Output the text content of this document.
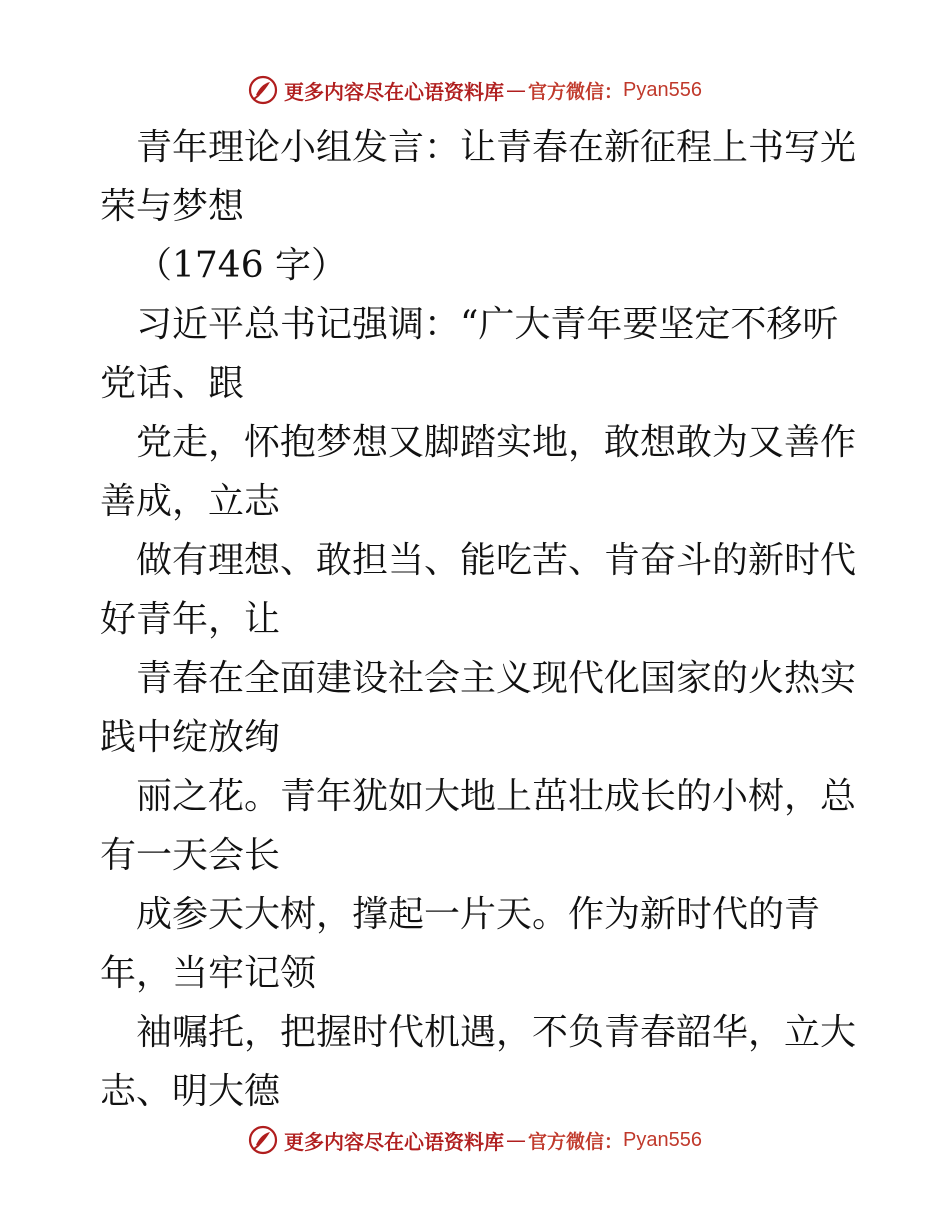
更多内容尽在心语资料库 — 官方微信： Pyan556

青年理论小组发言：让青春在新征程上书写光荣与梦想

（1746 字）

习近平总书记强调：“广大青年要坚定不移听党话、跟

党走，怀抱梦想又脚踏实地，敢想敢为又善作善成，立志

做有理想、敢担当、能吃苦、肯奋斗的新时代好青年，让

青春在全面建设社会主义现代化国家的火热实践中绽放绚

丽之花。青年犹如大地上茁壮成长的小树，总有一天会长

成参天大树，撑起一片天。作为新时代的青年，当牢记领

袖嘱托，把握时代机遇，不负青春韶华，立大志、明大德

更多内容尽在心语资料库 — 官方微信： Pyan556
